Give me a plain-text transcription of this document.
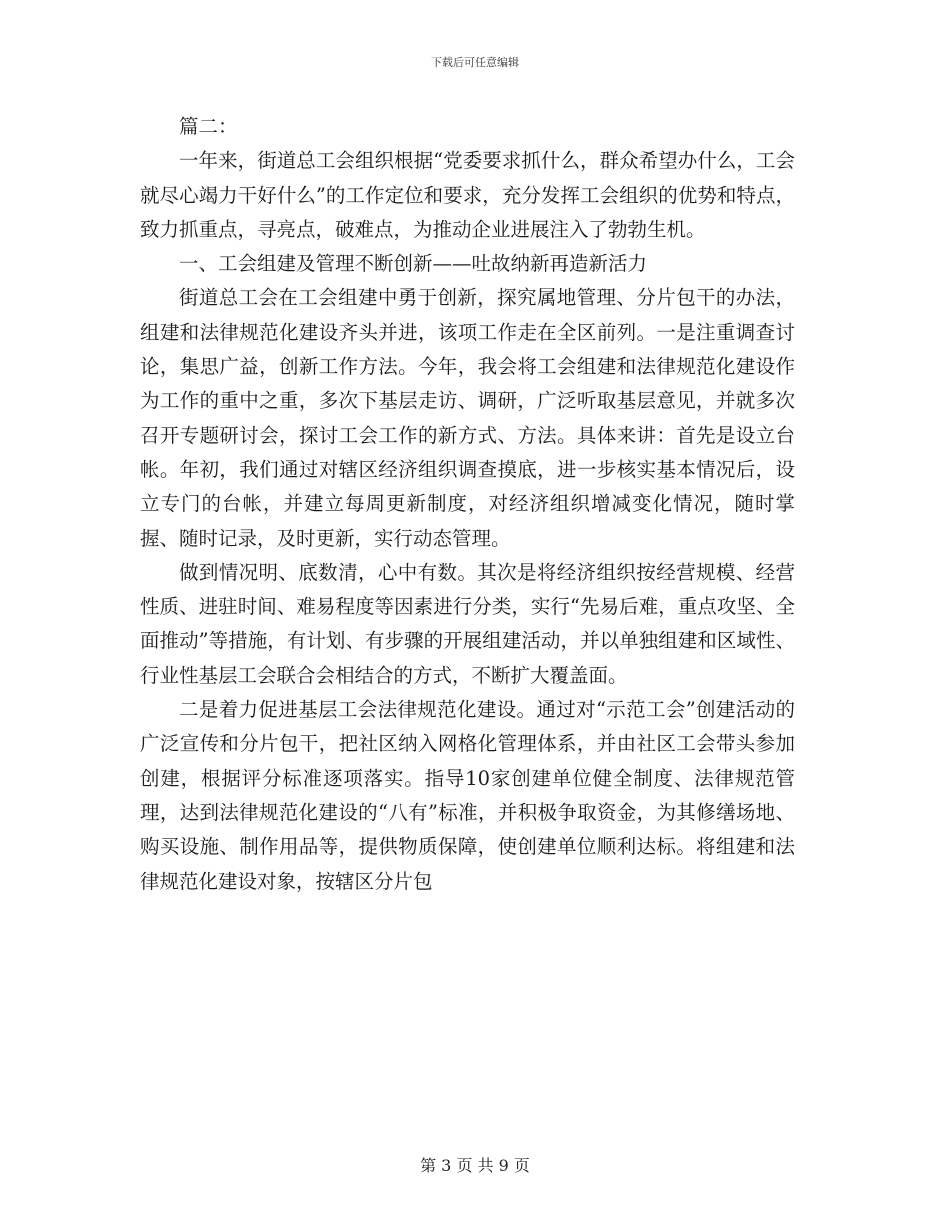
下载后可任意编辑

篇二：

一年来，街道总工会组织根据“党委要求抓什么，群众希望办什么，工会就尽心竭力干好什么”的工作定位和要求，充分发挥工会组织的优势和特点，致力抓重点，寻亮点，破难点，为推动企业进展注入了勃勃生机。

一、工会组建及管理不断创新——吐故纳新再造新活力

街道总工会在工会组建中勇于创新，探究属地管理、分片包干的办法，组建和法律规范化建设齐头并进，该项工作走在全区前列。一是注重调查讨论，集思广益，创新工作方法。今年，我会将工会组建和法律规范化建设作为工作的重中之重，多次下基层走访、调研，广泛听取基层意见，并就多次召开专题研讨会，探讨工会工作的新方式、方法。具体来讲：首先是设立台帐。年初，我们通过对辖区经济组织调查摸底，进一步核实基本情况后，设立专门的台帐，并建立每周更新制度，对经济组织增减变化情况，随时掌握、随时记录，及时更新，实行动态管理。

做到情况明、底数清，心中有数。其次是将经济组织按经营规模、经营性质、进驻时间、难易程度等因素进行分类，实行“先易后难，重点攻坚、全面推动”等措施，有计划、有步骤的开展组建活动，并以单独组建和区域性、行业性基层工会联合会相结合的方式，不断扩大覆盖面。

二是着力促进基层工会法律规范化建设。通过对“示范工会”创建活动的广泛宣传和分片包干，把社区纳入网格化管理体系，并由社区工会带头参加创建，根据评分标准逐项落实。指导10家创建单位健全制度、法律规范管理，达到法律规范化建设的“八有”标准，并积极争取资金，为其修缮场地、购买设施、制作用品等，提供物质保障，使创建单位顺利达标。将组建和法律规范化建设对象，按辖区分片包

第 3 页 共 9 页
